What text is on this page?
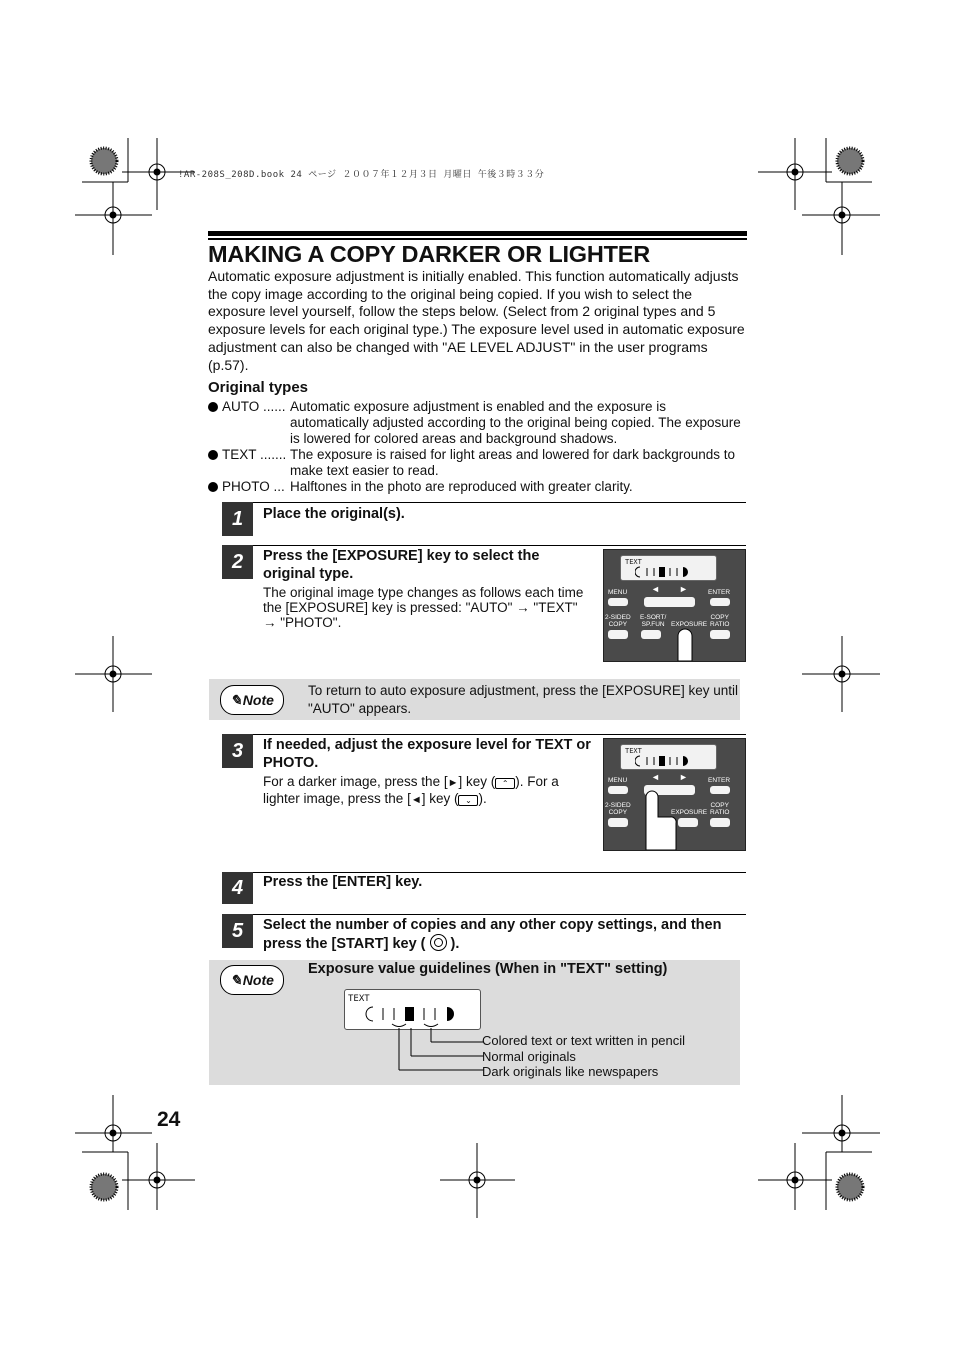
!AR-208S_208D.book 24 ページ ２００７年１２月３日 月曜日 午後３時３３分
MAKING A COPY DARKER OR LIGHTER
Automatic exposure adjustment is initially enabled. This function automatically adjusts the copy image according to the original being copied. If you wish to select the exposure level yourself, follow the steps below. (Select from 2 original types and 5 exposure levels for each original type.) The exposure level used in automatic exposure adjustment can also be changed with "AE LEVEL ADJUST" in the user programs (p.57).
Original types
AUTO ...... Automatic exposure adjustment is enabled and the exposure is automatically adjusted according to the original being copied. The exposure is lowered for colored areas and background shadows.
TEXT ....... The exposure is raised for light areas and lowered for dark backgrounds to make text easier to read.
PHOTO ... Halftones in the photo are reproduced with greater clarity.
1	Place the original(s).
2	Press the [EXPOSURE] key to select the original type.
The original image type changes as follows each time the [EXPOSURE] key is pressed: "AUTO" → "TEXT" → "PHOTO".
TEXT
MENU	ENTER
◄ ►
2-SIDED
COPY
E-SORT/
SP.FUN EXPOSURE
COPY
RATIO
✎ Note
To return to auto exposure adjustment, press the [EXPOSURE] key until "AUTO" appears.
3	If needed, adjust the exposure level for TEXT or PHOTO.
For a darker image, press the [►] key ( ⌃ ). For a lighter image, press the [◄] key ( ⌄ ).
TEXT
MENU	ENTER
◄ ►
2-SIDED
COPY	EXPOSURE
COPY
RATIO
4	Press the [ENTER] key.
5	Select the number of copies and any other copy settings, and then press the [START] key (
).
✎ Note
Exposure value guidelines (When in "TEXT" setting)
TEXT
Colored text or text written in pencil
Normal originals
Dark originals like newspapers
24
